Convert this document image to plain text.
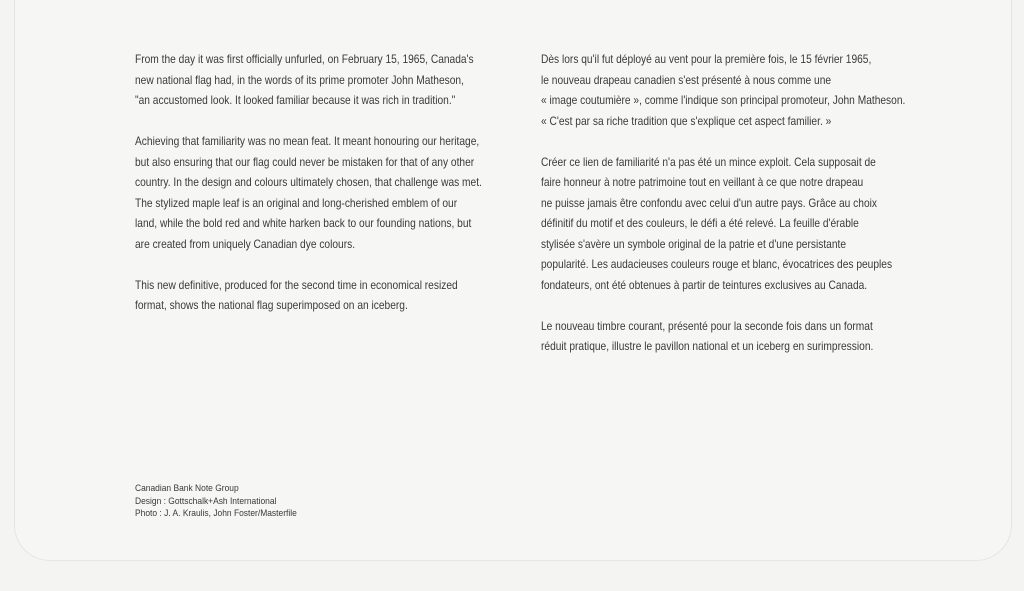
From the day it was first officially unfurled, on February 15, 1965, Canada's
new national flag had, in the words of its prime promoter John Matheson,
"an accustomed look. It looked familiar because it was rich in tradition."

Achieving that familiarity was no mean feat. It meant honouring our heritage,
but also ensuring that our flag could never be mistaken for that of any other
country. In the design and colours ultimately chosen, that challenge was met.
The stylized maple leaf is an original and long-cherished emblem of our
land, while the bold red and white harken back to our founding nations, but
are created from uniquely Canadian dye colours.

This new definitive, produced for the second time in economical resized
format, shows the national flag superimposed on an iceberg.

Dès lors qu'il fut déployé au vent pour la première fois, le 15 février 1965,
le nouveau drapeau canadien s'est présenté à nous comme une
« image coutumière », comme l'indique son principal promoteur, John Matheson.
« C'est par sa riche tradition que s'explique cet aspect familier. »

Créer ce lien de familiarité n'a pas été un mince exploit. Cela supposait de
faire honneur à notre patrimoine tout en veillant à ce que notre drapeau
ne puisse jamais être confondu avec celui d'un autre pays. Grâce au choix
définitif du motif et des couleurs, le défi a été relevé. La feuille d'érable
stylisée s'avère un symbole original de la patrie et d'une persistante
popularité. Les audacieuses couleurs rouge et blanc, évocatrices des peuples
fondateurs, ont été obtenues à partir de teintures exclusives au Canada.

Le nouveau timbre courant, présenté pour la seconde fois dans un format
réduit pratique, illustre le pavillon national et un iceberg en surimpression.

Canadian Bank Note Group
Design : Gottschalk+Ash International
Photo : J. A. Kraulis, John Foster/Masterfile
